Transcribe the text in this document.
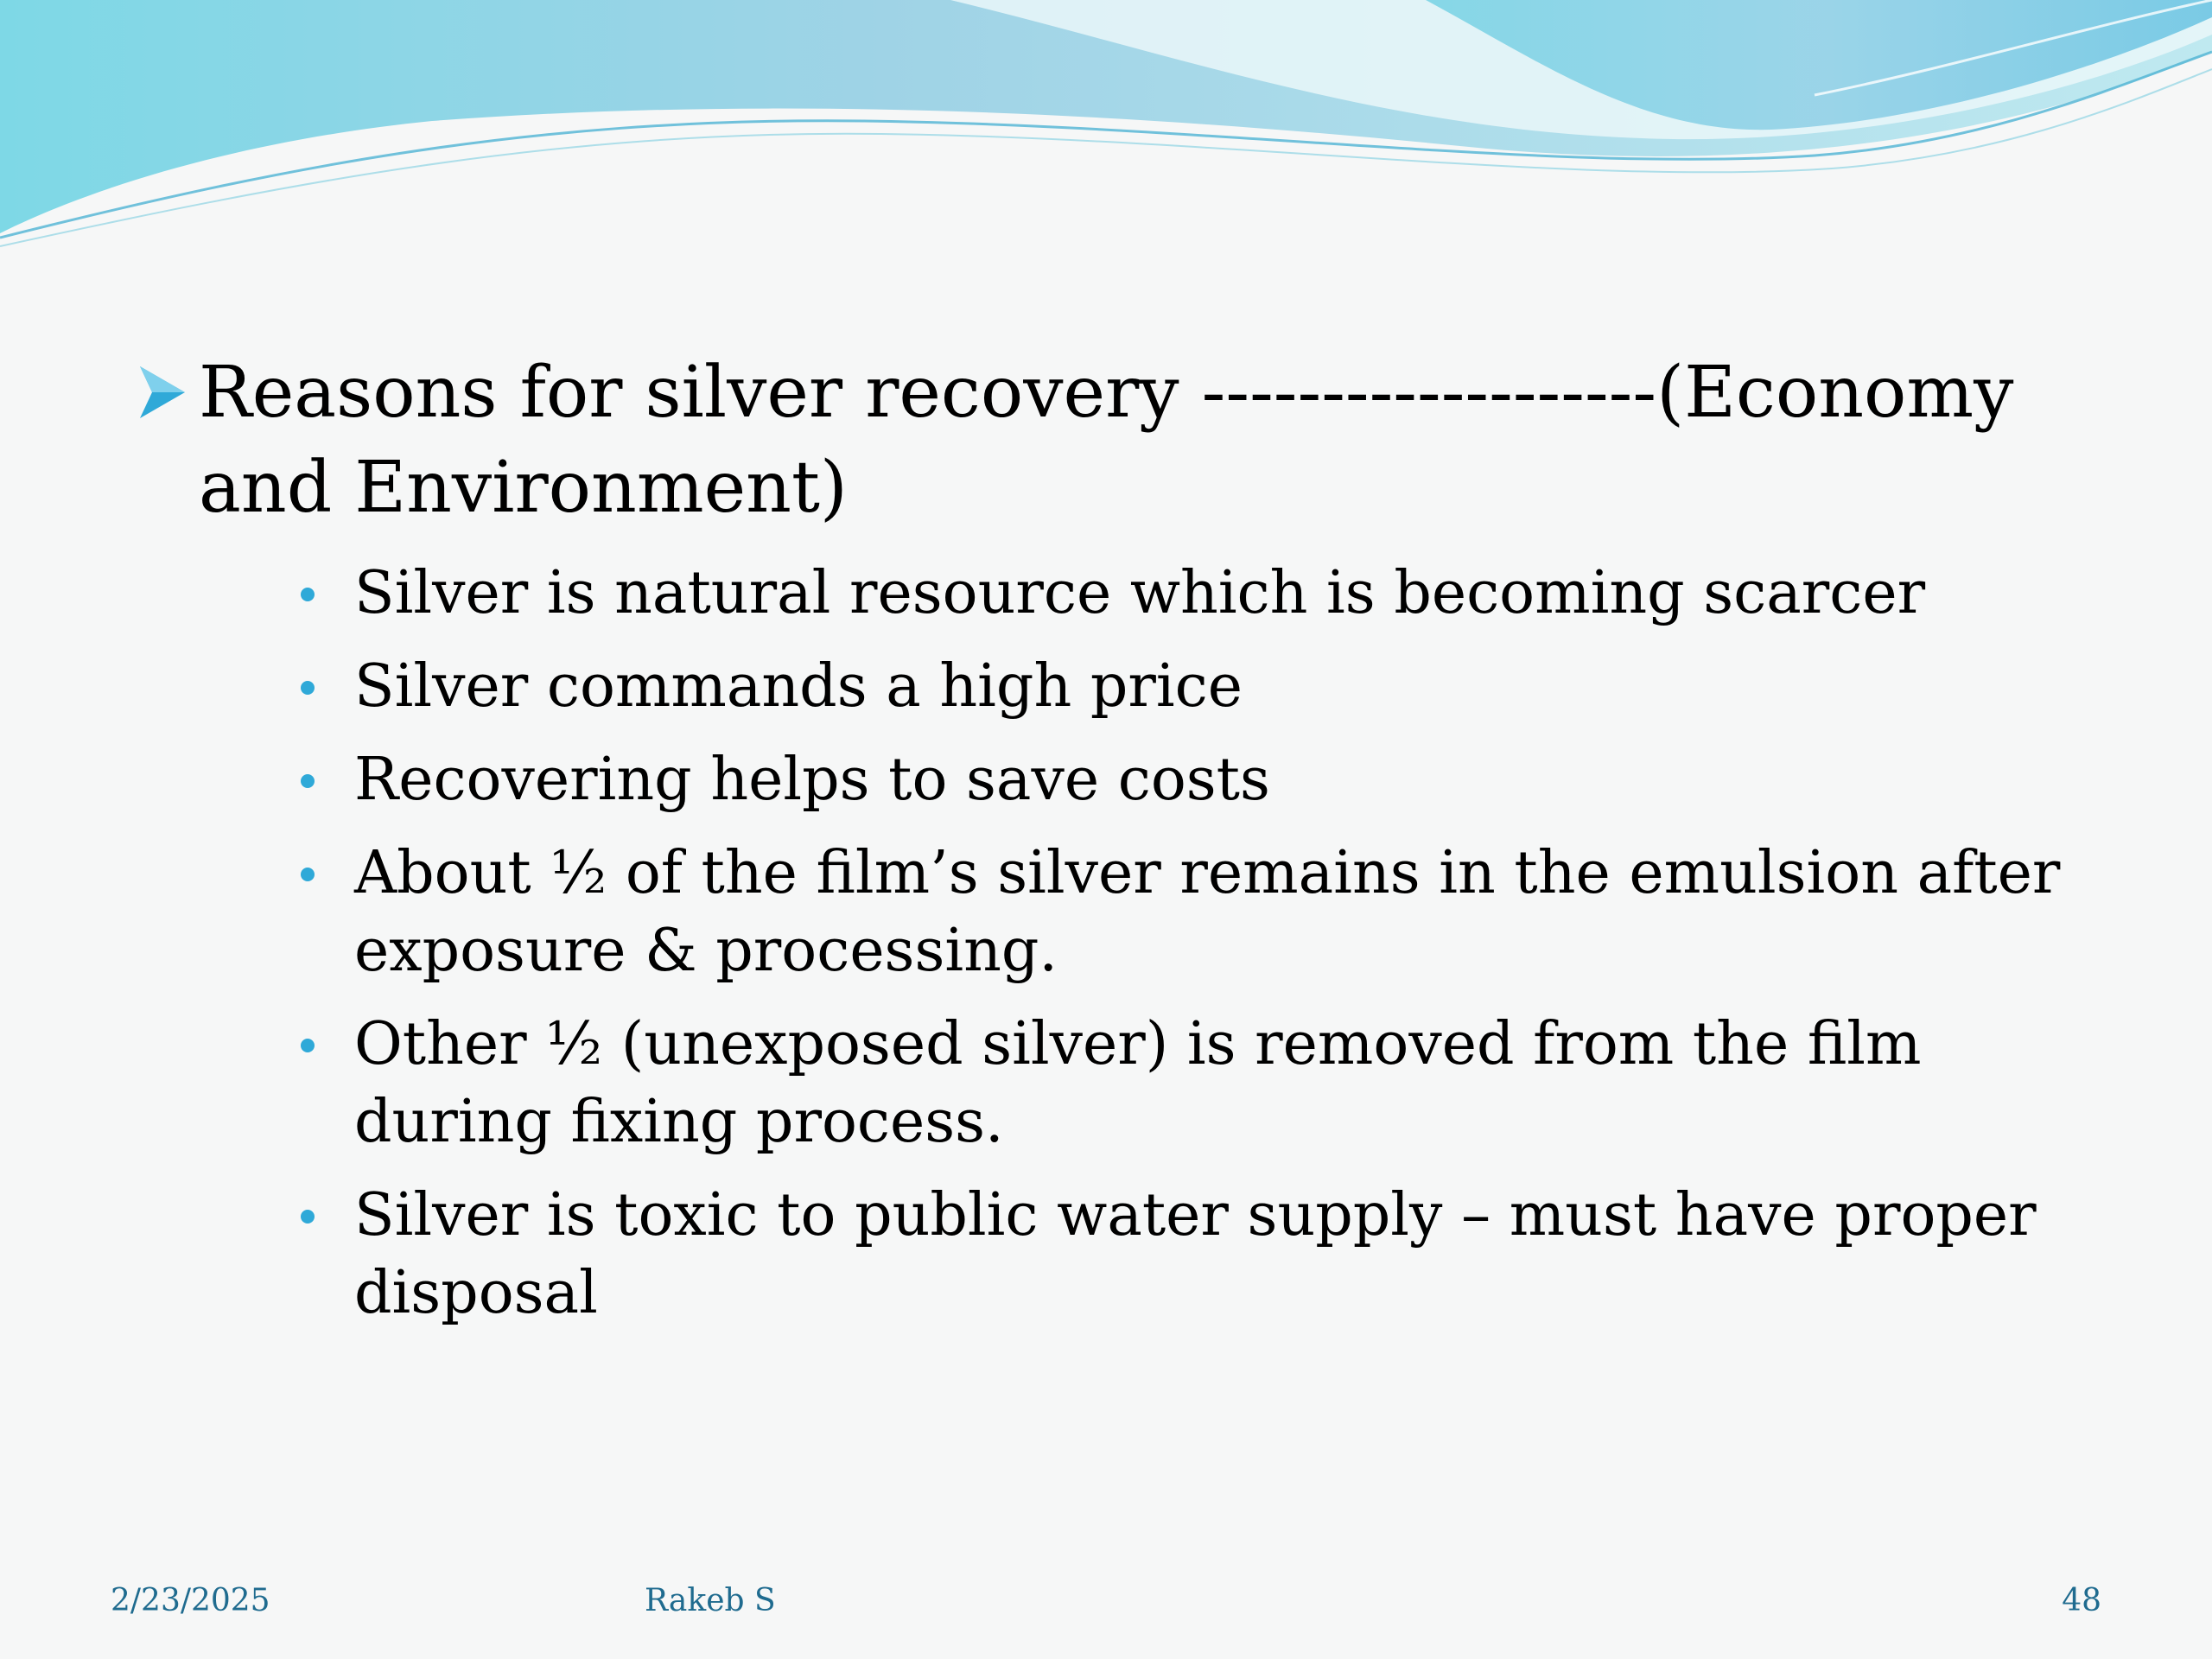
Reasons for silver recovery -------------------(Economy and Environment)
Silver is natural resource which is becoming scarcer
Silver commands a high price
Recovering helps to save costs
About ½ of the film’s silver remains in the emulsion after exposure & processing.
Other ½ (unexposed silver) is removed from the film during fixing process.
Silver is toxic to public water supply – must have proper disposal
2/23/2025	Rakeb S	48
